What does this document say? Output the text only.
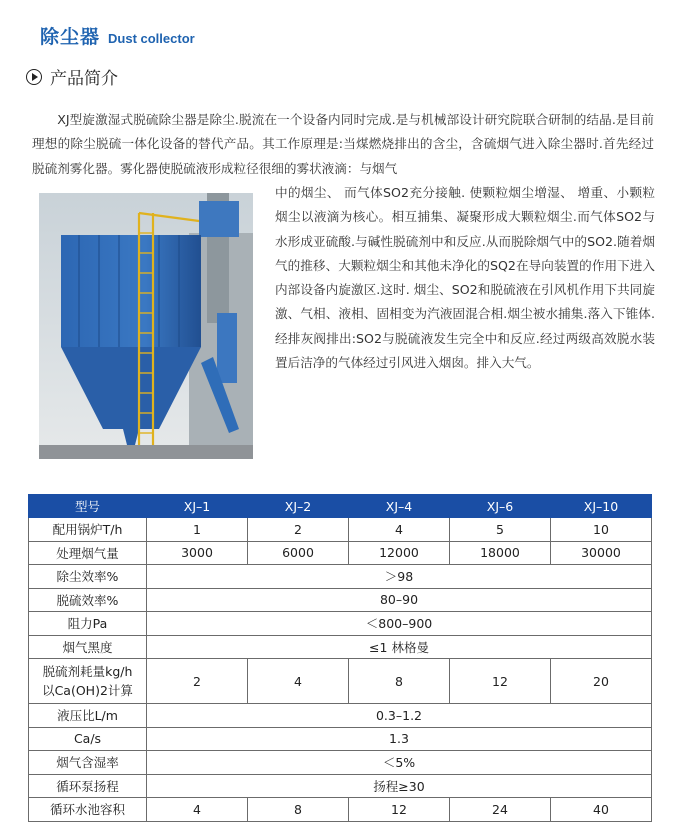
除尘器 Dust collector
产品简介

XJ型旋激湿式脱硫除尘器是除尘.脱流在一个设备内同时完成.是与机械部设计研究院联合研制的结晶.是目前理想的除尘脱硫一体化设备的替代产品。其工作原理是:当煤燃烧排出的含尘，含硫烟气进入除尘器时.首先经过脱硫剂雾化器。雾化器使脱硫液形成粒径很细的雾状液滴：与烟气

中的烟尘、 而气体SO2充分接触. 使颗粒烟尘增湿、 增重、小颗粒烟尘以液滴为核心。相互捕集、凝聚形成大颗粒烟尘.而气体SO2与水形成亚硫酸.与碱性脱硫剂中和反应.从而脱除烟气中的SO2.随着烟气的推移、大颗粒烟尘和其他未净化的SQ2在导向装置的作用下进入内部设备内旋激区.这时. 烟尘、SO2和脱硫液在引风机作用下共同旋激、气相、液相、固相变为汽液固混合相.烟尘被水捕集.落入下锥体. 经排灰阀排出:SO2与脱硫液发生完全中和反应.经过两级高效脱水装置后洁净的气体经过引风进入烟囱。排入大气。

型号	XJ–1	XJ–2	XJ–4	XJ–6	XJ–10
配用锅炉T/h	1	2	4	5	10
处理烟气量	3000	6000	12000	18000	30000
除尘效率%	＞98				
脱硫效率%	80–90				
阻力Pa	＜800–900				
烟气黑度	≤1 林格曼				
脱硫剂耗量kg/h
以Ca(OH)2计算	2	4	8	12	20
液压比L/m	0.3–1.2				
Ca/s	1.3				
烟气含湿率	＜5%				
循环泵扬程	扬程≥30				
循环水池容积	4	8	12	24	40
